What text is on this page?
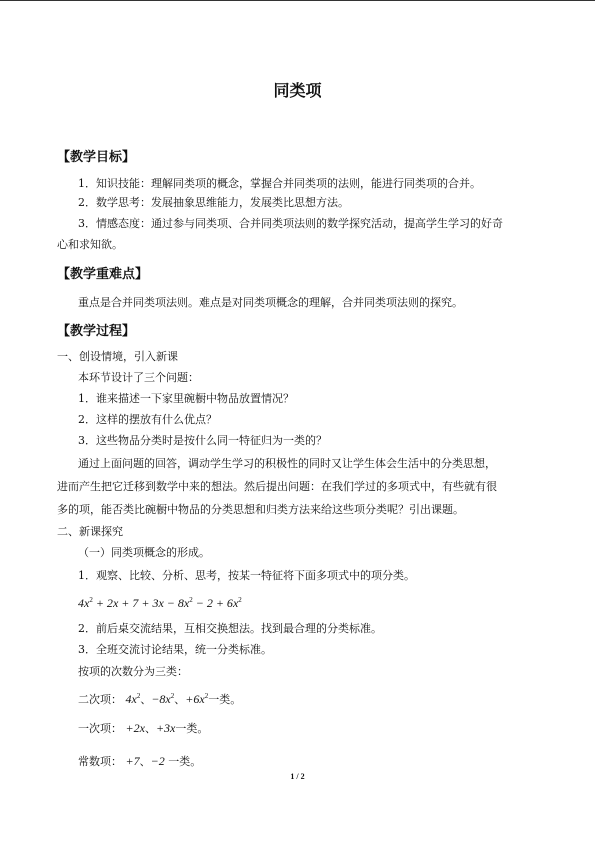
同类项
【教学目标】
1．知识技能：理解同类项的概念，掌握合并同类项的法则，能进行同类项的合并。
2．数学思考：发展抽象思维能力，发展类比思想方法。
3．情感态度：通过参与同类项、合并同类项法则的数学探究活动，提高学生学习的好奇
心和求知欲。
【教学重难点】
重点是合并同类项法则。难点是对同类项概念的理解，合并同类项法则的探究。
【教学过程】
一、创设情境，引入新课
本环节设计了三个问题：
1．谁来描述一下家里碗橱中物品放置情况？
2．这样的摆放有什么优点？
3．这些物品分类时是按什么同一特征归为一类的？
通过上面问题的回答，调动学生学习的积极性的同时又让学生体会生活中的分类思想，
进而产生把它迁移到数学中来的想法。然后提出问题：在我们学过的多项式中，有些就有很
多的项，能否类比碗橱中物品的分类思想和归类方法来给这些项分类呢？引出课题。
二、新课探究
（一）同类项概念的形成。
1．观察、比较、分析、思考，按某一特征将下面多项式中的项分类。
$4x^2 + 2x + 7 + 3x - 8x^2 - 2 + 6x^2$
2．前后桌交流结果，互相交换想法。找到最合理的分类标准。
3．全班交流讨论结果，统一分类标准。
按项的次数分为三类：
二次项： $4x^2$、$-8x^2$、$+6x^2$一类。
一次项： +2x、+3x一类。
常数项： +7、−2 一类。
1 / 2
